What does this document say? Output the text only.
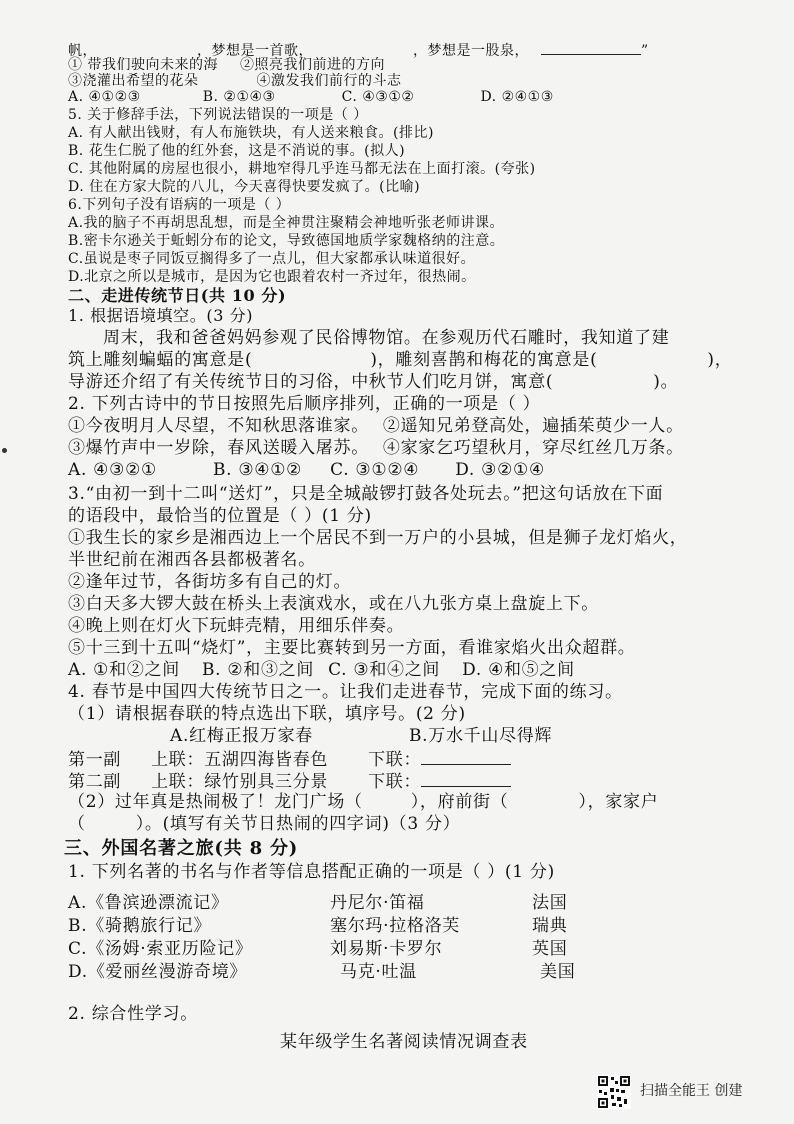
帆，	，梦想是一首歌，	，梦想是一股泉，	”
① 带我们驶向未来的海 ②照亮我们前进的方向
③浇灌出希望的花朵	④激发我们前行的斗志
A. ④①②③	B. ②①④③	C. ④③①②	D. ②④①③
5. 关于修辞手法，下列说法错误的一项是（ ）
A. 有人献出钱财，有人布施铁块，有人送来粮食。(排比)
B. 花生仁脱了他的红外套，这是不消说的事。(拟人)
C. 其他附属的房屋也很小，耕地窄得几乎连马都无法在上面打滚。(夸张)
D. 住在方家大院的八儿，今天喜得快要发疯了。(比喻)
6.下列句子没有语病的一项是（ ）
A.我的脑子不再胡思乱想，而是全神贯注聚精会神地听张老师讲课。
B.密卡尔逊关于蚯蚓分布的论文，导致德国地质学家魏格纳的注意。
C.虽说是枣子同饭豆搁得多了一点儿，但大家都承认味道很好。
D.北京之所以是城市，是因为它也跟着农村一齐过年，很热闹。
二、走进传统节日(共 10 分)
1. 根据语境填空。(3 分)
周末，我和爸爸妈妈参观了民俗博物馆。在参观历代石雕时，我知道了建
筑上雕刻蝙蝠的寓意是(	)，雕刻喜鹊和梅花的寓意是(	)，
导游还介绍了有关传统节日的习俗，中秋节人们吃月饼，寓意(	)。
2. 下列古诗中的节日按照先后顺序排列，正确的一项是（ ）
①今夜明月人尽望，不知秋思落谁家。 ②遥知兄弟登高处，遍插茱萸少一人。
③爆竹声中一岁除，春风送暖入屠苏。 ④家家乞巧望秋月，穿尽红丝几万条。
A. ④③②①	B. ③④①② C. ③①②④ D. ③②①④
3.“由初一到十二叫“送灯”，只是全城敲锣打鼓各处玩去。”把这句话放在下面
的语段中，最恰当的位置是（ ）(1 分)
①我生长的家乡是湘西边上一个居民不到一万户的小县城，但是狮子龙灯焰火，
半世纪前在湘西各县都极著名。
②逢年过节，各街坊多有自己的灯。
③白天多大锣大鼓在桥头上表演戏水，或在八九张方桌上盘旋上下。
④晚上则在灯火下玩蚌壳精，用细乐伴奏。
⑤十三到十五叫“烧灯”，主要比赛转到另一方面，看谁家焰火出众超群。
A. ①和②之间 B. ②和③之间 C. ③和④之间 D. ④和⑤之间
4. 春节是中国四大传统节日之一。让我们走进春节，完成下面的练习。
（1）请根据春联的特点选出下联，填序号。(2 分)
A.红梅正报万家春	B.万水千山尽得辉
第一副 上联：五湖四海皆春色 下联：
第二副 上联：绿竹别具三分景 下联：
（2）过年真是热闹极了！龙门广场（	），府前街（	），家家户
（	）。(填写有关节日热闹的四字词)（3 分）
三、外国名著之旅(共 8 分)
1. 下列名著的书名与作者等信息搭配正确的一项是（ ）(1 分)
A.《鲁滨逊漂流记》	丹尼尔·笛福	法国
B.《骑鹅旅行记》	塞尔玛·拉格洛芙	瑞典
C.《汤姆·索亚历险记》	刘易斯·卡罗尔	英国
D.《爱丽丝漫游奇境》	马克·吐温	美国
2. 综合性学习。
某年级学生名著阅读情况调查表
扫描全能王 创建
